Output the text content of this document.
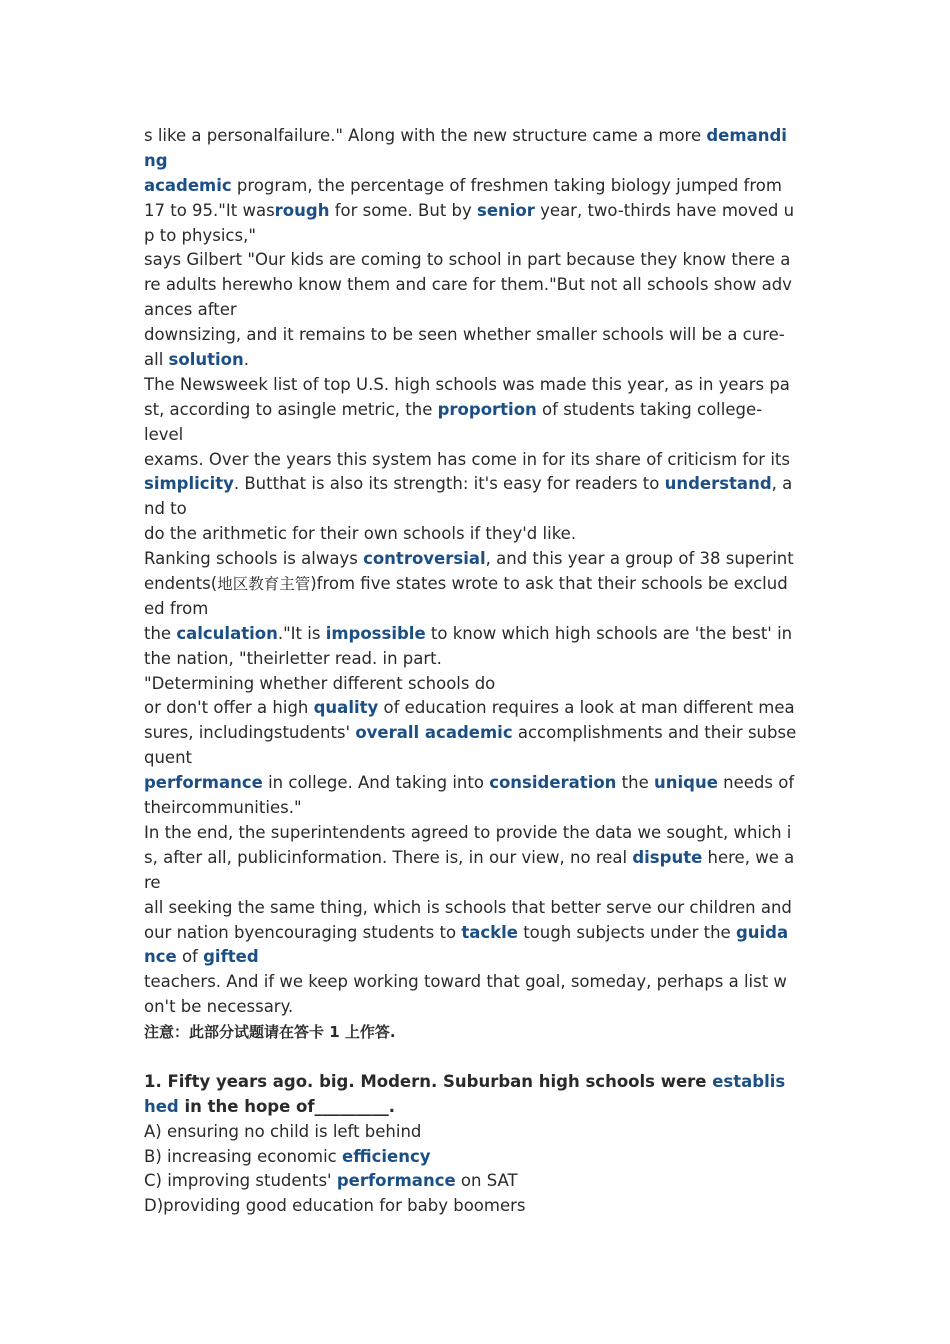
s like a personalfailure." Along with the new structure came a more demandi
ng
academic program, the percentage of freshmen taking biology jumped from
17 to 95."It wasrough for some. But by senior year, two-thirds have moved u
p to physics,"
says Gilbert "Our kids are coming to school in part because they know there a
re adults herewho know them and care for them."But not all schools show adv
ances after
downsizing, and it remains to be seen whether smaller schools will be a cure-
all solution.
The Newsweek list of top U.S. high schools was made this year, as in years pa
st, according to asingle metric, the proportion of students taking college-
level
exams. Over the years this system has come in for its share of criticism for its
simplicity. Butthat is also its strength: it's easy for readers to understand, a
nd to
do the arithmetic for their own schools if they'd like.
Ranking schools is always controversial, and this year a group of 38 superint
endents(地区教育主管)from five states wrote to ask that their schools be exclud
ed from
the calculation."It is impossible to know which high schools are 'the best' in
the nation, "theirletter read. in part.
"Determining whether different schools do
or don't offer a high quality of education requires a look at man different mea
sures, includingstudents' overall academic accomplishments and their subse
quent
performance in college. And taking into consideration the unique needs of
theircommunities."
In the end, the superintendents agreed to provide the data we sought, which i
s, after all, publicinformation. There is, in our view, no real dispute here, we a
re
all seeking the same thing, which is schools that better serve our children and
our nation byencouraging students to tackle tough subjects under the guida
nce of gifted
teachers. And if we keep working toward that goal, someday, perhaps a list w
on't be necessary.
注意：此部分试题请在答卡 1 上作答.
1. Fifty years ago. big. Modern. Suburban high schools were establis
hed in the hope of_________.
A) ensuring no child is left behind
B) increasing economic efficiency
C) improving students' performance on SAT
D)providing good education for baby boomers
